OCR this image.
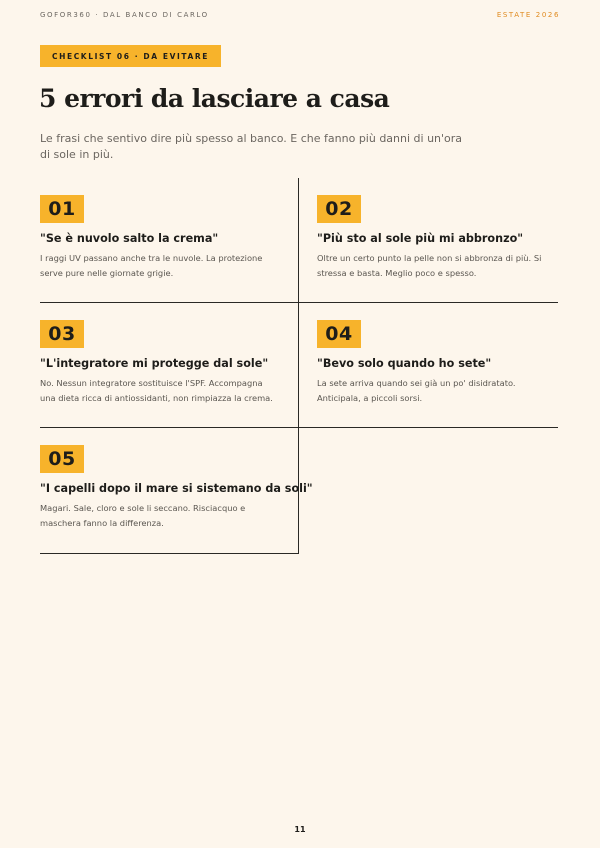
GOFOR360 · DAL BANCO DI CARLO	ESTATE 2026
CHECKLIST 06 · DA EVITARE
5 errori da lasciare a casa

Le frasi che sentivo dire più spesso al banco. E che fanno più danni di un'ora di sole in più.

01
"Se è nuvolo salto la crema"

I raggi UV passano anche tra le nuvole. La protezione serve pure nelle giornate grigie.

02
"Più sto al sole più mi abbronzo"

Oltre un certo punto la pelle non si abbronza di più. Si stressa e basta. Meglio poco e spesso.

03
"L'integratore mi protegge dal sole"

No. Nessun integratore sostituisce l'SPF. Accompagna una dieta ricca di antiossidanti, non rimpiazza la crema.

04
"Bevo solo quando ho sete"

La sete arriva quando sei già un po' disidratato. Anticipala, a piccoli sorsi.

05
"I capelli dopo il mare si sistemano da soli"

Magari. Sale, cloro e sole li seccano. Risciacquo e maschera fanno la differenza.

11
